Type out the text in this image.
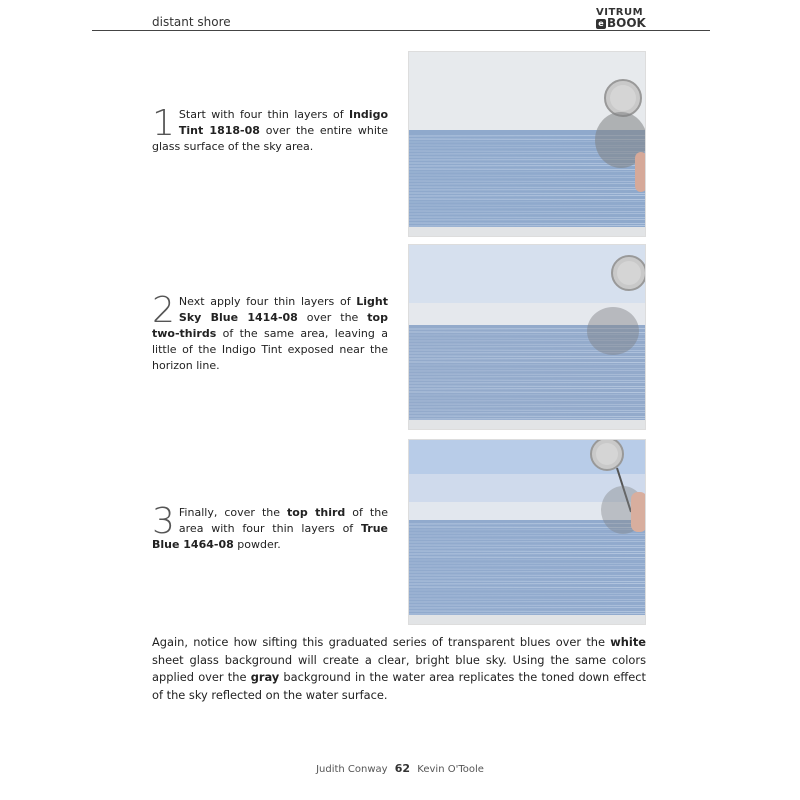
distant shore
VITRUM
e BOOK
1 Start with four thin layers of Indigo Tint 1818-08 over the entire white glass surface of the sky area.
2 Next apply four thin layers of Light Sky Blue 1414-08 over the top two-thirds of the same area, leaving a little of the Indigo Tint exposed near the horizon line.
3 Finally, cover the top third of the area with four thin layers of True Blue 1464-08 powder.
Again, notice how sifting this graduated series of transparent blues over the white sheet glass background will create a clear, bright blue sky. Using the same colors applied over the gray background in the water area replicates the toned down effect of the sky reflected on the water surface.
Judith Conway 62 Kevin O'Toole
